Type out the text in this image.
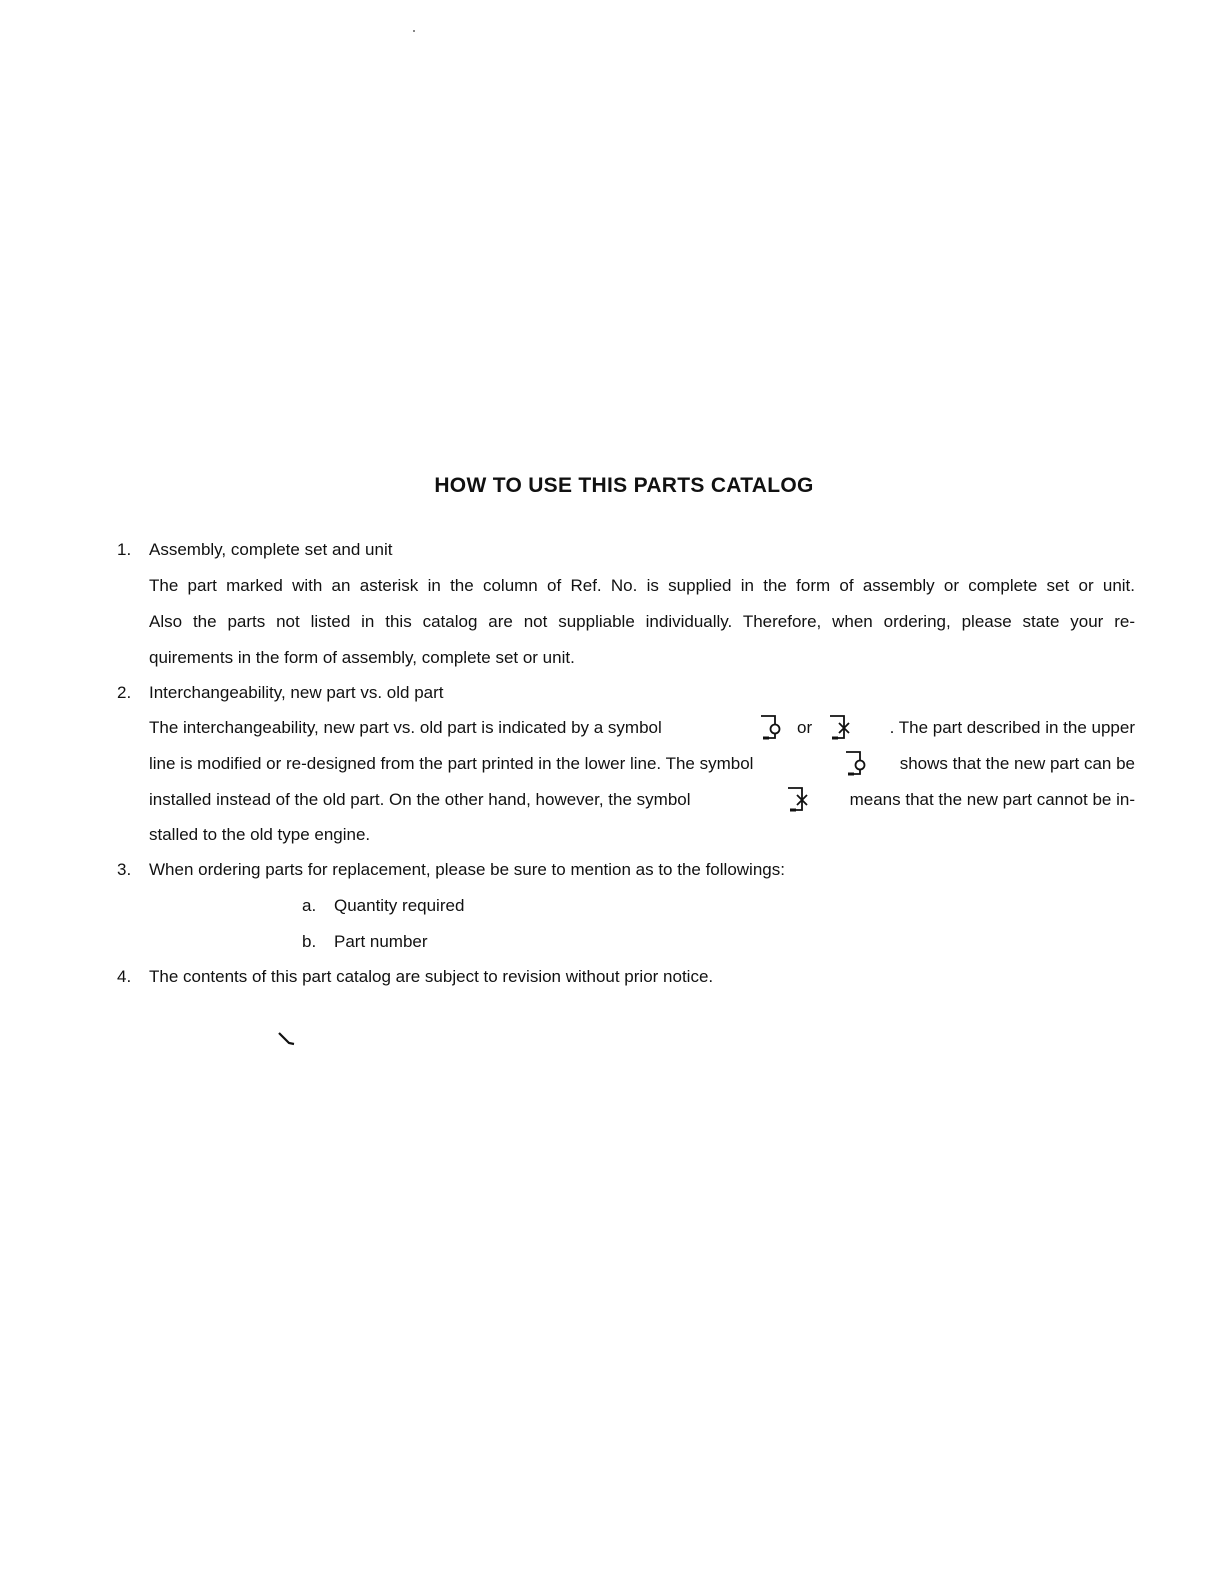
HOW TO USE THIS PARTS CATALOG
1. Assembly, complete set and unit
The part marked with an asterisk in the column of Ref. No. is supplied in the form of assembly or complete set or unit.
Also the parts not listed in this catalog are not suppliable individually. Therefore, when ordering, please state your re-
quirements in the form of assembly, complete set or unit.
2. Interchangeability, new part vs. old part
The interchangeability, new part vs. old part is indicated by a symbol	or	. The part described in the upper
line is modified or re-designed from the part printed in the lower line. The symbol	shows that the new part can be
installed instead of the old part. On the other hand, however, the symbol	means that the new part cannot be in-
stalled to the old type engine.
3. When ordering parts for replacement, please be sure to mention as to the followings:
a. Quantity required
b. Part number
4. The contents of this part catalog are subject to revision without prior notice.
